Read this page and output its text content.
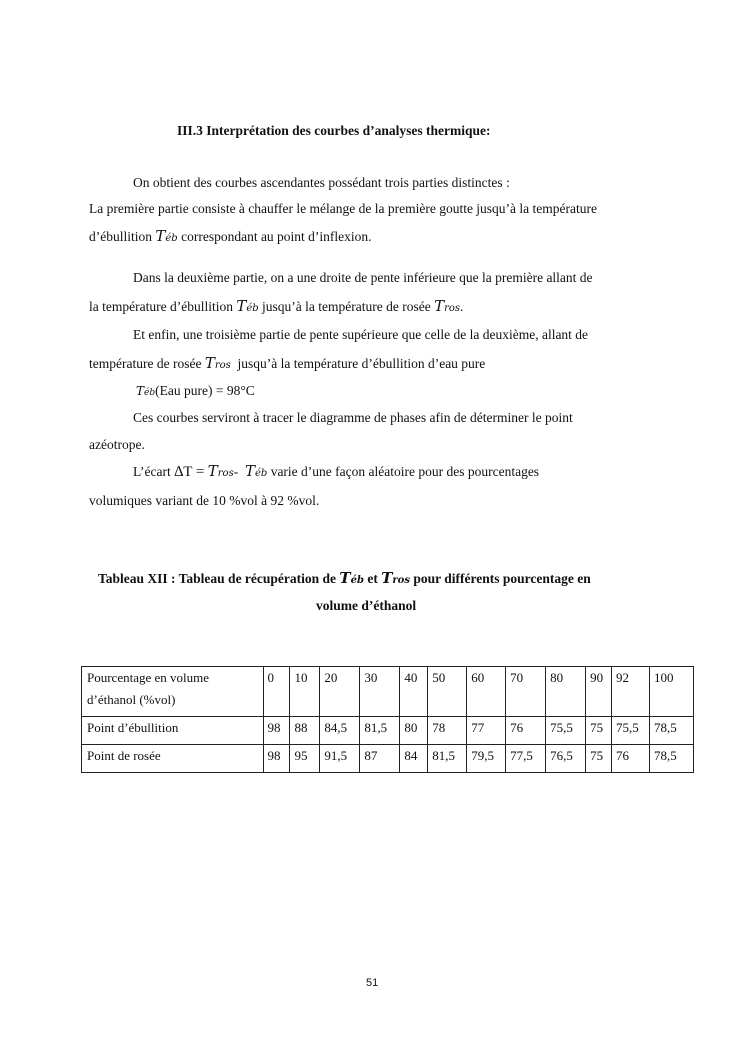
III.3 Interprétation des courbes d’analyses thermique:
On obtient des courbes ascendantes possédant trois parties distinctes :
La première partie consiste à chauffer le mélange de la première goutte jusqu’à la température
d’ébullition Téb correspondant au point d’inflexion.
Dans la deuxième partie, on a une droite de pente inférieure que la première allant de
la température d’ébullition Téb jusqu’à la température de rosée Tros.
Et enfin, une troisième partie de pente supérieure que celle de la deuxième, allant de
température de rosée Tros jusqu’à la température d’ébullition d’eau pure
Téb(Eau pure) = 98°C
Ces courbes serviront à tracer le diagramme de phases afin de déterminer le point
azéotrope.
L’écart ∆T = Tros- Téb varie d’une façon aléatoire pour des pourcentages
volumiques variant de 10 %vol à 92 %vol.
Tableau XII : Tableau de récupération de Téb et Tros pour différents pourcentage en
volume d’éthanol
Pourcentage en volume
d’éthanol (%vol)	0	10	20	30	40	50	60	70	80	90	92	100
Point d’ébullition	98	88	84,5	81,5	80	78	77	76	75,5	75	75,5	78,5
Point de rosée	98	95	91,5	87	84	81,5	79,5	77,5	76,5	75	76	78,5
51
